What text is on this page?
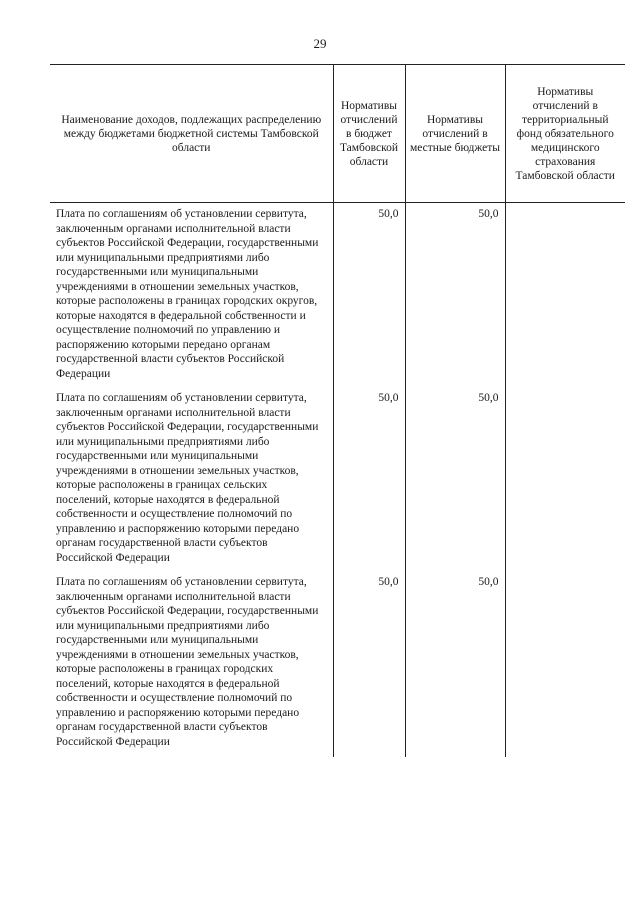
29
Наименование доходов, подлежащих распределению между бюджетами бюджетной системы Тамбовской области	Нормативы отчислений в бюджет Тамбовской области	Нормативы отчислений в местные бюджеты	Нормативы отчислений в территориальный фонд обязательного медицинского страхования Тамбовской области
Плата по соглашениям об установлении сервитута, заключенным органами исполнительной власти субъектов Российской Федерации, государственными или муниципальными предприятиями либо государственными или муниципальными учреждениями в отношении земельных участков, которые расположены в границах городских округов, которые находятся в федеральной собственности и осуществление полномочий по управлению и распоряжению которыми передано органам государственной власти субъектов Российской Федерации	50,0	50,0	
Плата по соглашениям об установлении сервитута, заключенным органами исполнительной власти субъектов Российской Федерации, государственными или муниципальными предприятиями либо государственными или муниципальными учреждениями в отношении земельных участков, которые расположены в границах сельских поселений, которые находятся в федеральной собственности и осуществление полномочий по управлению и распоряжению которыми передано органам государственной власти субъектов Российской Федерации	50,0	50,0	
Плата по соглашениям об установлении сервитута, заключенным органами исполнительной власти субъектов Российской Федерации, государственными или муниципальными предприятиями либо государственными или муниципальными учреждениями в отношении земельных участков, которые расположены в границах городских поселений, которые находятся в федеральной собственности и осуществление полномочий по управлению и распоряжению которыми передано органам государственной власти субъектов Российской Федерации	50,0	50,0	
